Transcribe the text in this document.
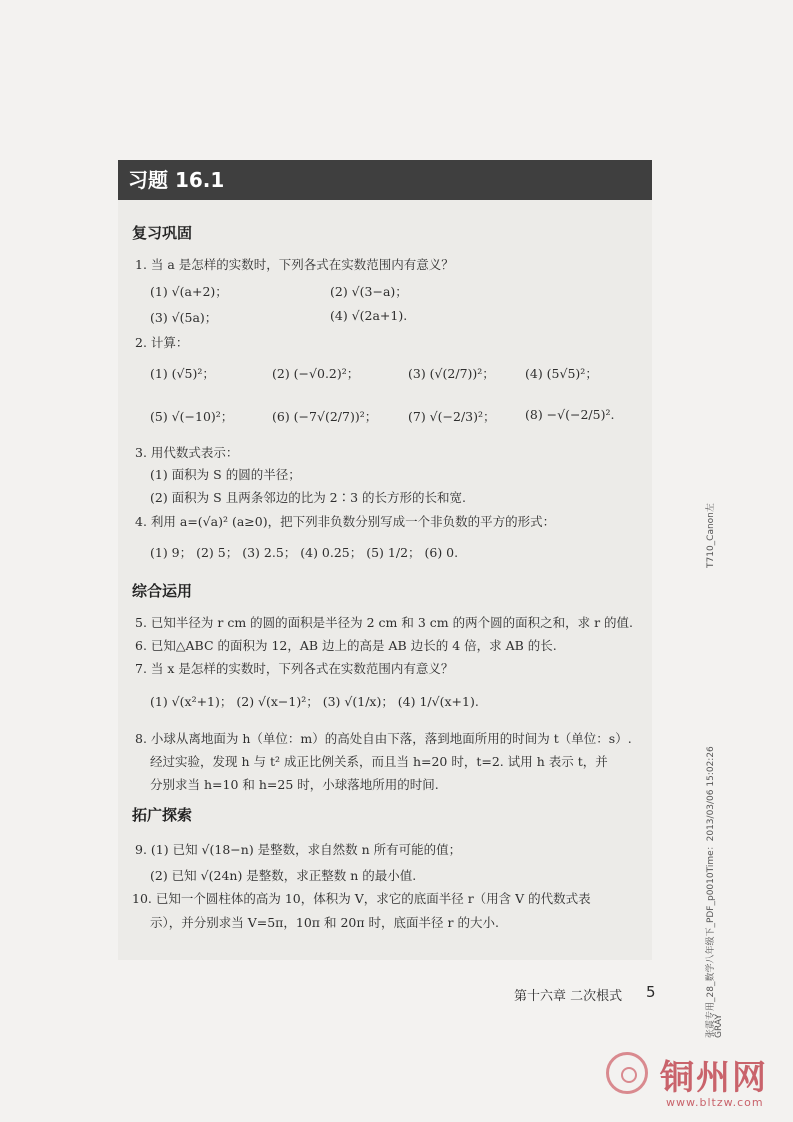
习题 16.1
复习巩固
1. 当 a 是怎样的实数时，下列各式在实数范围内有意义？
(1) √(a+2)；	(2) √(3−a)；
(3) √(5a)；	(4) √(2a+1).
2. 计算：
(1) (√5)²；	(2) (−√0.2)²；	(3) (√(2/7))²； (4) (5√5)²；
(5) √(−10)²；	(6) (−7√(2/7))²； (7) √(−2/3)²； (8) −√(−2/5)².
3. 用代数式表示：
(1) 面积为 S 的圆的半径；
(2) 面积为 S 且两条邻边的比为 2∶3 的长方形的长和宽.
4. 利用 a=(√a)² (a≥0)，把下列非负数分别写成一个非负数的平方的形式：
(1) 9； (2) 5； (3) 2.5； (4) 0.25； (5) 1/2； (6) 0.
综合运用
5. 已知半径为 r cm 的圆的面积是半径为 2 cm 和 3 cm 的两个圆的面积之和，求 r 的值.
6. 已知△ABC 的面积为 12，AB 边上的高是 AB 边长的 4 倍，求 AB 的长.
7. 当 x 是怎样的实数时，下列各式在实数范围内有意义？
(1) √(x²+1)； (2) √(x−1)²； (3) √(1/x)； (4) 1/√(x+1).
8. 小球从离地面为 h（单位：m）的高处自由下落，落到地面所用的时间为 t（单位：s）.
经过实验，发现 h 与 t² 成正比例关系，而且当 h=20 时，t=2. 试用 h 表示 t，并
分别求当 h=10 和 h=25 时，小球落地所用的时间.
拓广探索
9. (1) 已知 √(18−n) 是整数，求自然数 n 所有可能的值；
(2) 已知 √(24n) 是整数，求正整数 n 的最小值.
10. 已知一个圆柱体的高为 10，体积为 V，求它的底面半径 r（用含 V 的代数式表
示），并分别求当 V=5π，10π 和 20π 时，底面半径 r 的大小.
第十六章 二次根式 5
T710_Canon左
张震专用_28_数学八年级下_PDF_p0010Time：2013/03/06 15:02:26
GRAY
铜州网
www.bltzw.com
